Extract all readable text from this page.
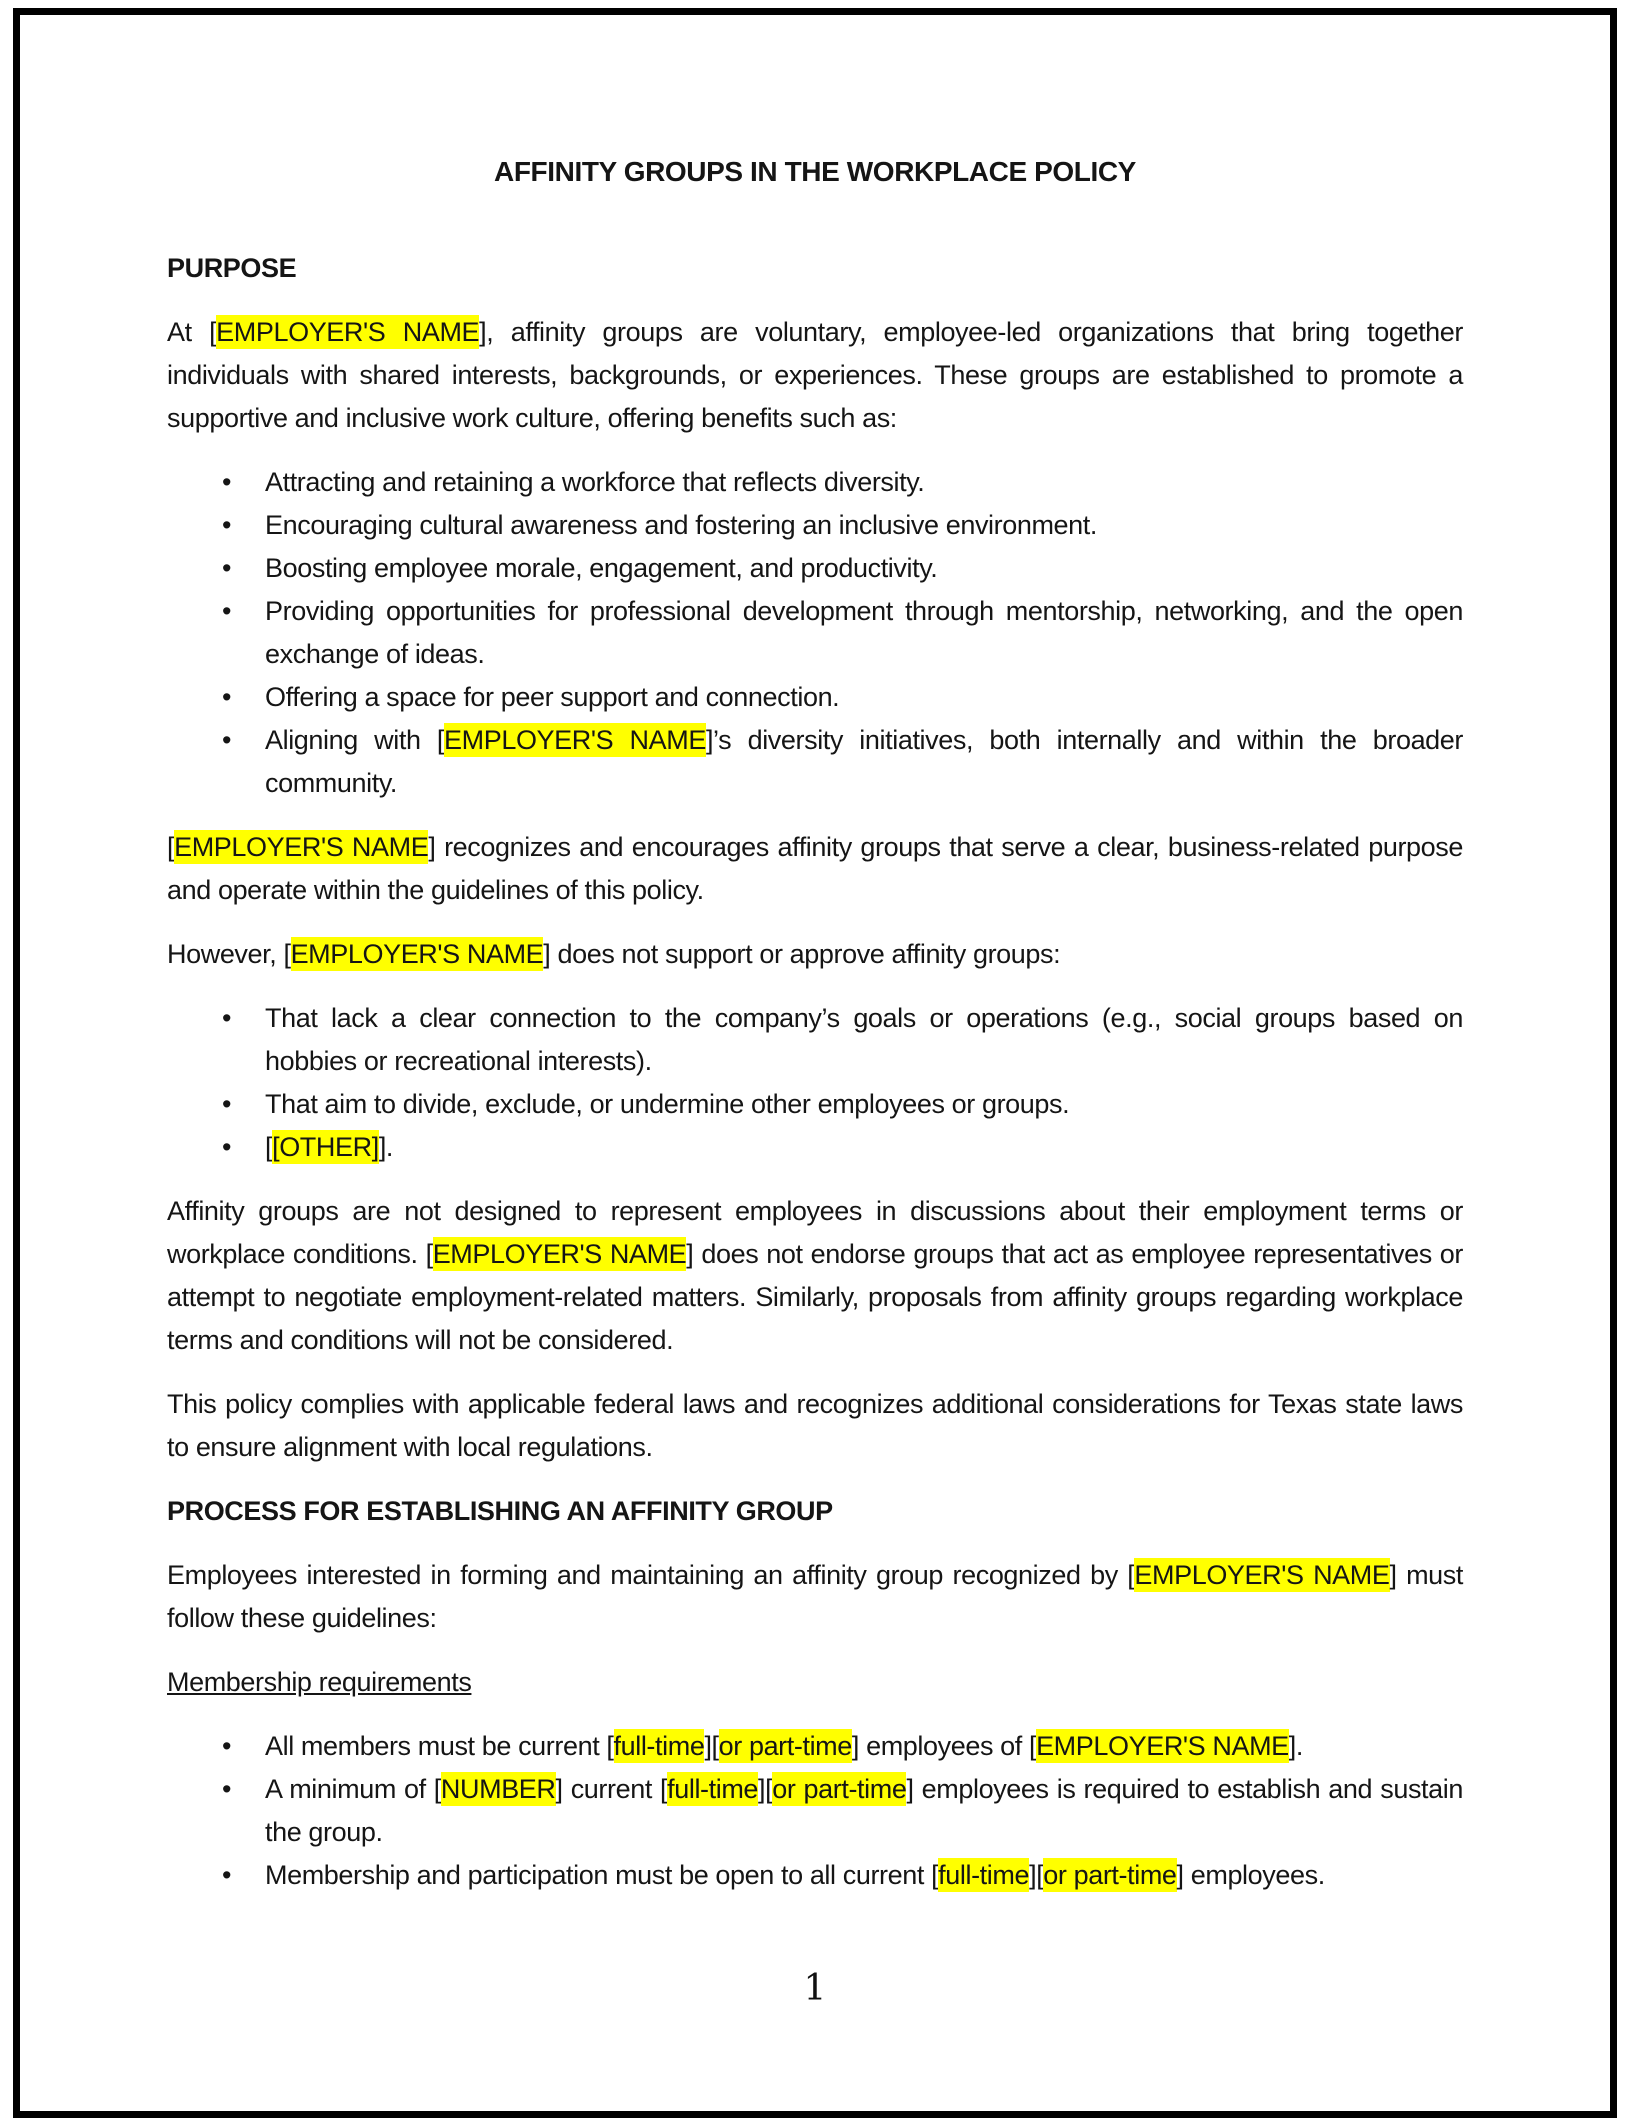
AFFINITY GROUPS IN THE WORKPLACE POLICY
PURPOSE

At [EMPLOYER'S NAME], affinity groups are voluntary, employee-led organizations that bring together individuals with shared interests, backgrounds, or experiences. These groups are established to promote a supportive and inclusive work culture, offering benefits such as:

• Attracting and retaining a workforce that reflects diversity.
• Encouraging cultural awareness and fostering an inclusive environment.
• Boosting employee morale, engagement, and productivity.
• Providing opportunities for professional development through mentorship, networking, and the open exchange of ideas.
• Offering a space for peer support and connection.
• Aligning with [EMPLOYER'S NAME]’s diversity initiatives, both internally and within the broader community.

[EMPLOYER'S NAME] recognizes and encourages affinity groups that serve a clear, business-related purpose and operate within the guidelines of this policy.

However, [EMPLOYER'S NAME] does not support or approve affinity groups:

• That lack a clear connection to the company’s goals or operations (e.g., social groups based on hobbies or recreational interests).
• That aim to divide, exclude, or undermine other employees or groups.
• [[OTHER]].

Affinity groups are not designed to represent employees in discussions about their employment terms or workplace conditions. [EMPLOYER'S NAME] does not endorse groups that act as employee representatives or attempt to negotiate employment-related matters. Similarly, proposals from affinity groups regarding workplace terms and conditions will not be considered.

This policy complies with applicable federal laws and recognizes additional considerations for Texas state laws to ensure alignment with local regulations.

PROCESS FOR ESTABLISHING AN AFFINITY GROUP

Employees interested in forming and maintaining an affinity group recognized by [EMPLOYER'S NAME] must follow these guidelines:

Membership requirements
• All members must be current [full-time][or part-time] employees of [EMPLOYER'S NAME].
• A minimum of [NUMBER] current [full-time][or part-time] employees is required to establish and sustain the group.
• Membership and participation must be open to all current [full-time][or part-time] employees.
1
